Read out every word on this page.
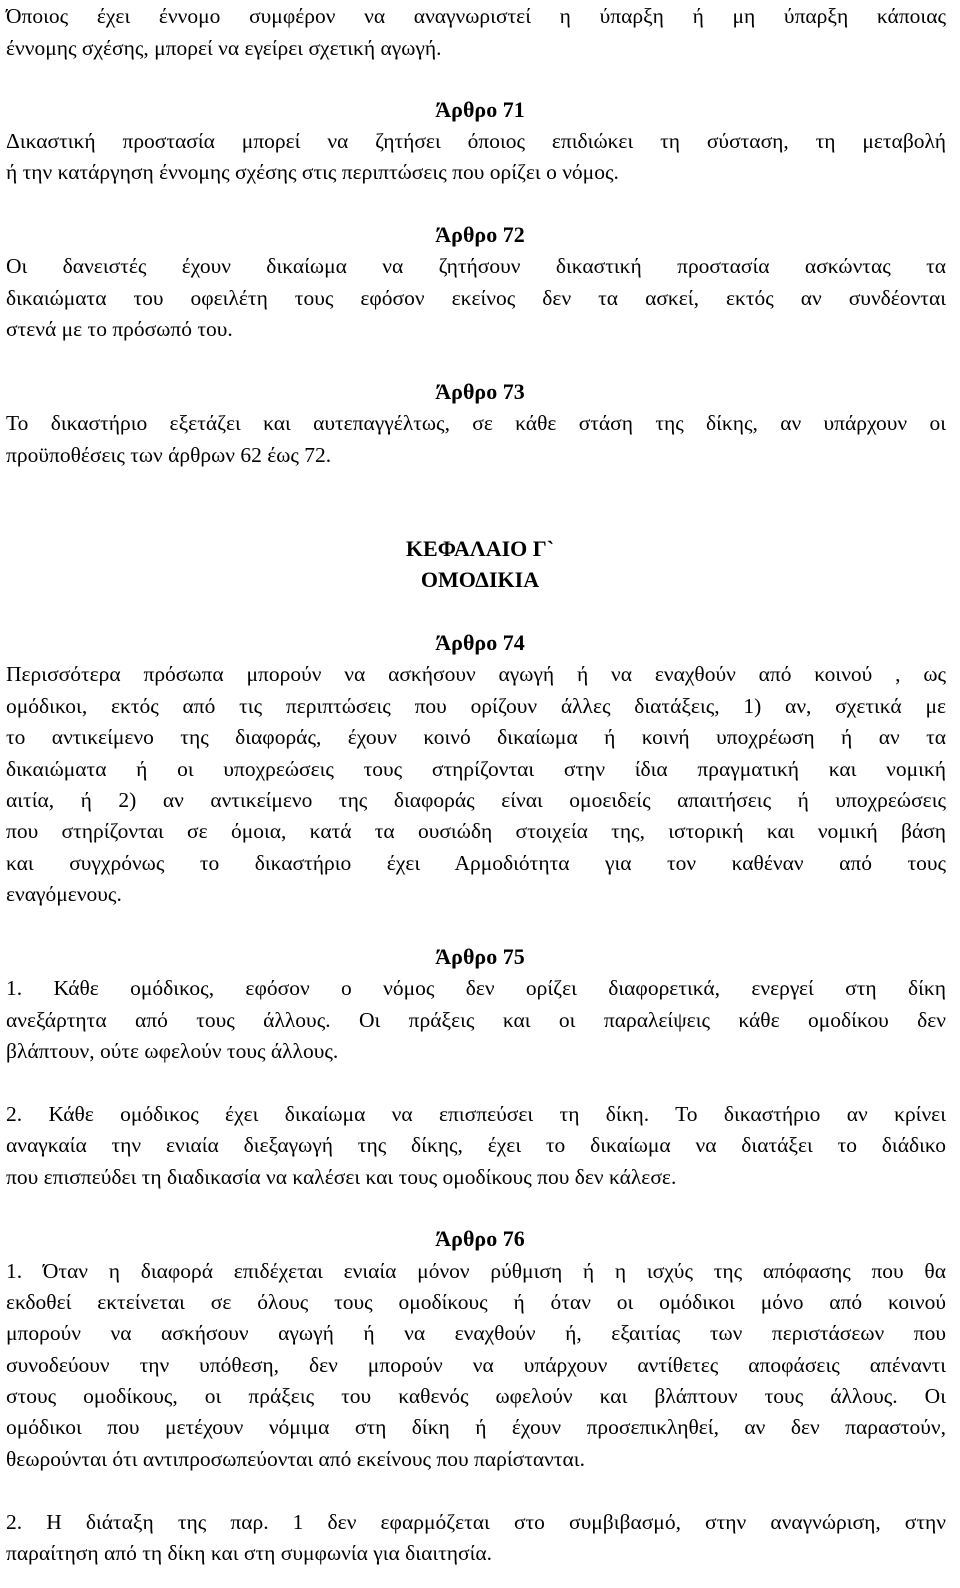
Όποιος έχει έννομο συμφέρον να αναγνωριστεί η ύπαρξη ή μη ύπαρξη κάποιας
έννομης σχέσης, μπορεί να εγείρει σχετική αγωγή.
Άρθρο 71
Δικαστική προστασία μπορεί να ζητήσει όποιος επιδιώκει τη σύσταση, τη μεταβολή
ή την κατάργηση έννομης σχέσης στις περιπτώσεις που ορίζει ο νόμος.
Άρθρο 72
Οι δανειστές έχουν δικαίωμα να ζητήσουν δικαστική προστασία ασκώντας τα
δικαιώματα του οφειλέτη τους εφόσον εκείνος δεν τα ασκεί, εκτός αν συνδέονται
στενά με το πρόσωπό του.
Άρθρο 73
Το δικαστήριο εξετάζει και αυτεπαγγέλτως, σε κάθε στάση της δίκης, αν υπάρχουν οι
προϋποθέσεις των άρθρων 62 έως 72.
ΚΕΦΑΛΑΙΟ Γ`
ΟΜΟΔΙΚΙΑ
Άρθρο 74
Περισσότερα πρόσωπα μπορούν να ασκήσουν αγωγή ή να εναχθούν από κοινού , ως
ομόδικοι, εκτός από τις περιπτώσεις που ορίζουν άλλες διατάξεις, 1) αν, σχετικά με
το αντικείμενο της διαφοράς, έχουν κοινό δικαίωμα ή κοινή υποχρέωση ή αν τα
δικαιώματα ή οι υποχρεώσεις τους στηρίζονται στην ίδια πραγματική και νομική
αιτία, ή 2) αν αντικείμενο της διαφοράς είναι ομοειδείς απαιτήσεις ή υποχρεώσεις
που στηρίζονται σε όμοια, κατά τα ουσιώδη στοιχεία της, ιστορική και νομική βάση
και συγχρόνως το δικαστήριο έχει Αρμοδιότητα για τον καθέναν από τους
εναγόμενους.
Άρθρο 75
1. Κάθε ομόδικος, εφόσον ο νόμος δεν ορίζει διαφορετικά, ενεργεί στη δίκη
ανεξάρτητα από τους άλλους. Οι πράξεις και οι παραλείψεις κάθε ομοδίκου δεν
βλάπτουν, ούτε ωφελούν τους άλλους.
2. Κάθε ομόδικος έχει δικαίωμα να επισπεύσει τη δίκη. Το δικαστήριο αν κρίνει
αναγκαία την ενιαία διεξαγωγή της δίκης, έχει το δικαίωμα να διατάξει το διάδικο
που επισπεύδει τη διαδικασία να καλέσει και τους ομοδίκους που δεν κάλεσε.
Άρθρο 76
1. Όταν η διαφορά επιδέχεται ενιαία μόνον ρύθμιση ή η ισχύς της απόφασης που θα
εκδοθεί εκτείνεται σε όλους τους ομοδίκους ή όταν οι ομόδικοι μόνο από κοινού
μπορούν να ασκήσουν αγωγή ή να εναχθούν ή, εξαιτίας των περιστάσεων που
συνοδεύουν την υπόθεση, δεν μπορούν να υπάρχουν αντίθετες αποφάσεις απέναντι
στους ομοδίκους, οι πράξεις του καθενός ωφελούν και βλάπτουν τους άλλους. Οι
ομόδικοι που μετέχουν νόμιμα στη δίκη ή έχουν προσεπικληθεί, αν δεν παραστούν,
θεωρούνται ότι αντιπροσωπεύονται από εκείνους που παρίστανται.
2. Η διάταξη της παρ. 1 δεν εφαρμόζεται στο συμβιβασμό, στην αναγνώριση, στην
παραίτηση από τη δίκη και στη συμφωνία για διαιτησία.
